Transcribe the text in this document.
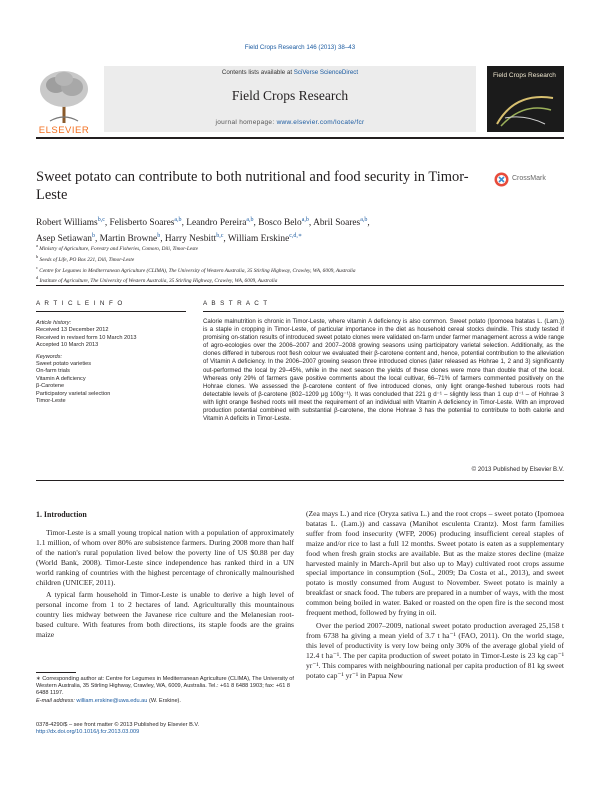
Field Crops Research 146 (2013) 38–43
ELSEVIER
Contents lists available at SciVerse ScienceDirect
Field Crops Research
journal homepage: www.elsevier.com/locate/fcr
Field Crops Research
Sweet potato can contribute to both nutritional and food security in Timor-Leste
CrossMark
Robert Williams$^{b,c}$, Felisberto Soares$^{a,b}$, Leandro Pereira$^{a,b}$, Bosco Belo$^{a,b}$, Abril Soares$^{a,b}$,
Asep Setiawan$^b$, Martin Browne$^b$, Harry Nesbitt$^{b,c}$, William Erskine$^{c,d,∗}$
$^a$ Ministry of Agriculture, Forestry and Fisheries, Comoro, Dili, Timor-Leste
$^b$ Seeds of Life, PO Box 221, Dili, Timor-Leste
$^c$ Centre for Legumes in Mediterranean Agriculture (CLIMA), The University of Western Australia, 35 Stirling Highway, Crawley, WA, 6009, Australia
$^d$ Institute of Agriculture, The University of Western Australia, 35 Stirling Highway, Crawley, WA, 6009, Australia
A R T I C L E I N F O	A B S T R A C T
Article history:
Received 13 December 2012
Received in revised form 10 March 2013
Accepted 10 March 2013
Keywords:
Sweet potato varieties
On-farm trials
Vitamin A deficiency
β-Carotene
Participatory varietal selection
Timor-Leste
Calorie malnutrition is chronic in Timor-Leste, where vitamin A deficiency is also common. Sweet potato (Ipomoea batatas L. (Lam.)) is a staple in cropping in Timor-Leste, of particular importance in the diet as household cereal stocks dwindle. This study tested if promising on-station results of introduced sweet potato clones were validated on-farm under farmer management across a wide range of agro-ecologies over the 2006–2007 and 2007–2008 growing seasons using participatory varietal selection. Additionally, as the clones differed in tuberous root flesh colour we evaluated their β-carotene content and, hence, potential contribution to the alleviation of Vitamin A deficiency. In the 2006–2007 growing season three introduced clones (later released as Hohrae 1, 2 and 3) significantly out-performed the local by 29–45%, while in the next season the yields of these clones were more than double that of the local. Whereas only 29% of farmers gave positive comments about the local cultivar, 66–71% of farmers commented positively on the Hohrae clones. We assessed the β-carotene content of five introduced clones, only light orange-fleshed tuberous roots had detectable levels of β-carotene (802–1209 μg 100g⁻¹). It was concluded that 221 g d⁻¹ – slightly less than 1 cup d⁻¹ – of Hohrae 3 with light orange fleshed roots will meet the requirement of an individual with Vitamin A deficiency in Timor-Leste. With an improved production potential combined with substantial β-carotene, the clone Hohrae 3 has the potential to contribute to both calorie and Vitamin A deficits in Timor-Leste.
© 2013 Published by Elsevier B.V.
1. Introduction

Timor-Leste is a small young tropical nation with a population of approximately 1.1 million, of whom over 80% are subsistence farmers. During 2008 more than half of the nation's rural population lived below the poverty line of US $0.88 per day (World Bank, 2008). Timor-Leste since independence has ranked third in a UN world ranking of countries with the highest percentage of chronically malnourished children (UNICEF, 2011).

A typical farm household in Timor-Leste is unable to derive a high level of personal income from 1 to 2 hectares of land. Agriculturally this mountainous country lies midway between the Javanese rice culture and the Melanesian root-based culture. With features from both directions, its staple foods are the grains maize

(Zea mays L.) and rice (Oryza sativa L.) and the root crops – sweet potato (Ipomoea batatas L. (Lam.)) and cassava (Manihot esculenta Crantz). Most farm families suffer from food insecurity (WFP, 2006) producing insufficient cereal staples of maize and/or rice to last a full 12 months. Sweet potato is eaten as a supplementary food when fresh grain stocks are available. But as the maize stores decline (maize harvested mainly in March-April but also up to May) cultivated root crops assume special importance in consumption (SoL, 2009; Da Costa et al., 2013), and sweet potato is mostly consumed from August to November. Sweet potato is mainly a breakfast or snack food. The tubers are prepared in a number of ways, with the most common being boiled in water. Baked or roasted on the open fire is the second most frequent method, followed by frying in oil.

Over the period 2007–2009, national sweet potato production averaged 25,158 t from 6738 ha giving a mean yield of 3.7 t ha⁻¹ (FAO, 2011). On the world stage, this level of productivity is very low being only 30% of the average global yield of 12.4 t ha⁻¹. The per capita production of sweet potato in Timor-Leste is 23 kg cap⁻¹ yr⁻¹. This compares with neighbouring national per capita production of 81 kg sweet potato cap⁻¹ yr⁻¹ in Papua New

∗ Corresponding author at: Centre for Legumes in Mediterranean Agriculture (CLIMA), The University of Western Australia, 35 Stirling Highway, Crawley, WA, 6009, Australia. Tel.: +61 8 6488 1903; fax: +61 8 6488 1197.
E-mail address: william.erskine@uwa.edu.au (W. Erskine).
0378-4290/$ – see front matter © 2013 Published by Elsevier B.V.
http://dx.doi.org/10.1016/j.fcr.2013.03.009
